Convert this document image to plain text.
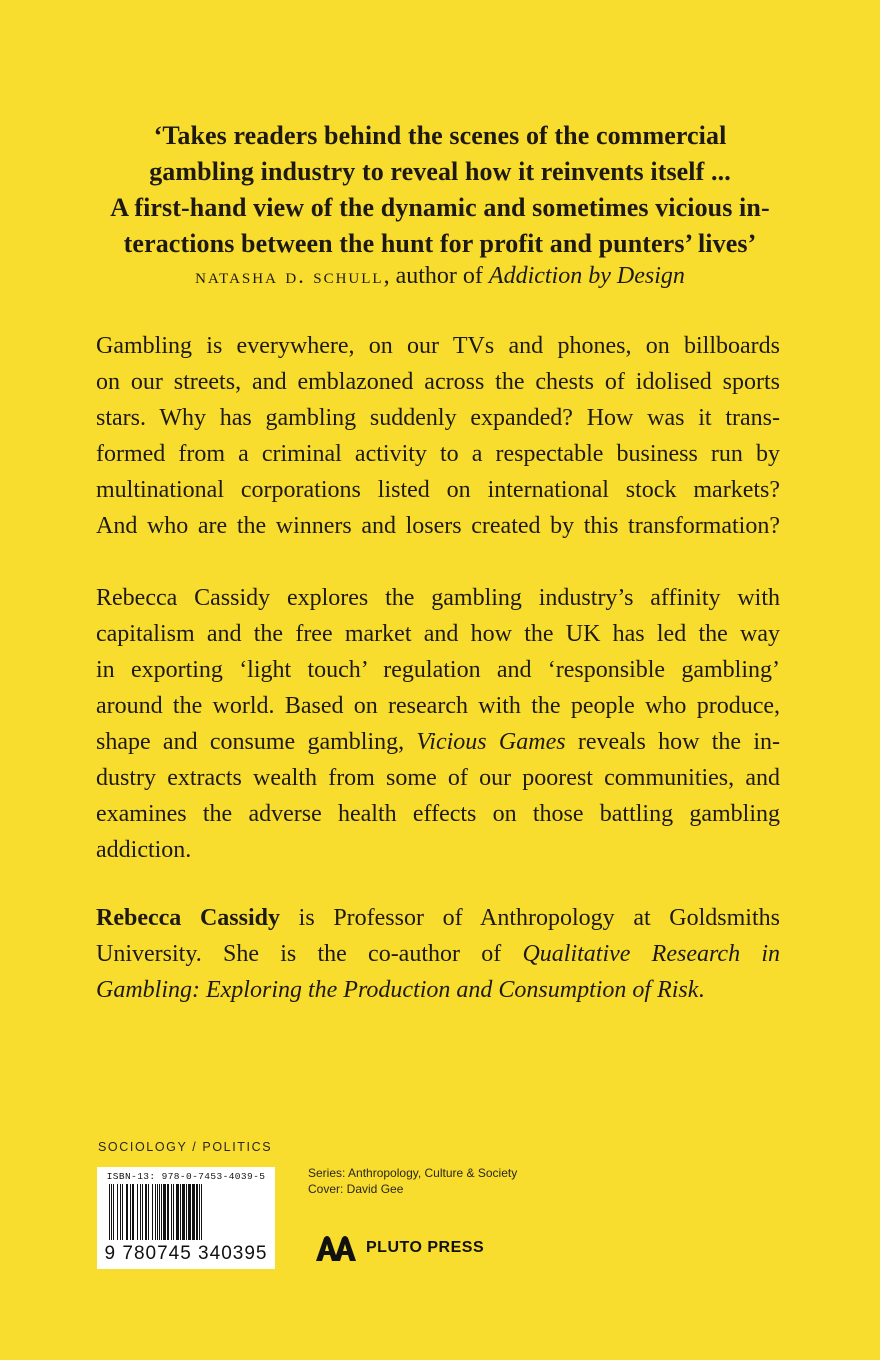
‘Takes readers behind the scenes of the commercial
gambling industry to reveal how it reinvents itself ...
A first-hand view of the dynamic and sometimes vicious in-
teractions between the hunt for profit and punters’ lives’
natasha d. schull, author of Addiction by Design
Gambling is everywhere, on our TVs and phones, on billboards
on our streets, and emblazoned across the chests of idolised sports
stars. Why has gambling suddenly expanded? How was it trans-
formed from a criminal activity to a respectable business run by
multinational corporations listed on international stock markets?
And who are the winners and losers created by this transformation?
Rebecca Cassidy explores the gambling industry’s affinity with
capitalism and the free market and how the UK has led the way
in exporting ‘light touch’ regulation and ‘responsible gambling’
around the world. Based on research with the people who produce,
shape and consume gambling, Vicious Games reveals how the in-
dustry extracts wealth from some of our poorest communities, and
examines the adverse health effects on those battling gambling
addiction.
Rebecca Cassidy is Professor of Anthropology at Goldsmiths
University. She is the co-author of Qualitative Research in
Gambling: Exploring the Production and Consumption of Risk.
SOCIOLOGY / POLITICS
ISBN-13: 978-0-7453-4039-5
9 780745 340395
Series: Anthropology, Culture & Society
Cover: David Gee
PLUTO PRESS
